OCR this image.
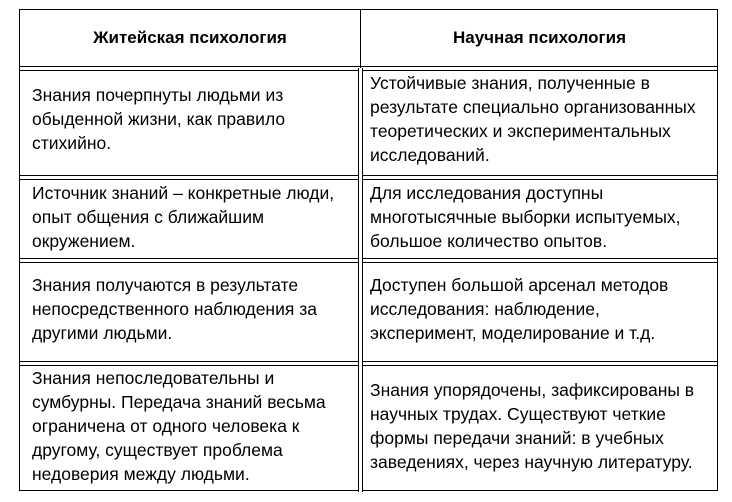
Житейская психология	Научная психология
Знания почерпнуты людьми из
обыденной жизни, как правило
стихийно.
Устойчивые знания, полученные в
результате специально организованных
теоретических и экспериментальных
исследований.
Источник знаний – конкретные люди,
опыт общения с ближайшим
окружением.
Для исследования доступны
многотысячные выборки испытуемых,
большое количество опытов.
Знания получаются в результате
непосредственного наблюдения за
другими людьми.
Доступен большой арсенал методов
исследования: наблюдение,
эксперимент, моделирование и т.д.
Знания непоследовательны и
сумбурны. Передача знаний весьма
ограничена от одного человека к
другому, существует проблема
недоверия между людьми.
Знания упорядочены, зафиксированы в
научных трудах. Существуют четкие
формы передачи знаний: в учебных
заведениях, через научную литературу.
